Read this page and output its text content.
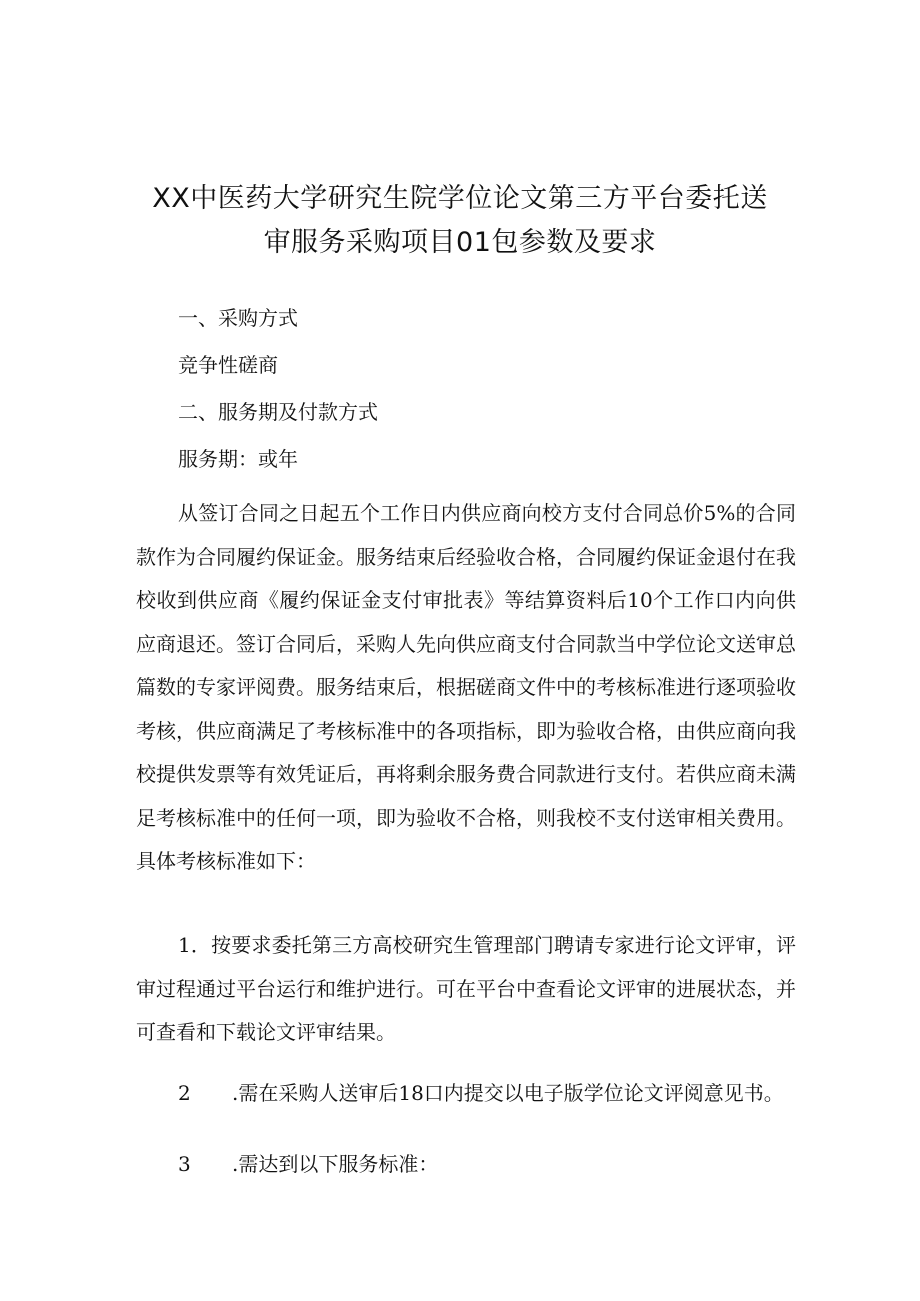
XX中医药大学研究生院学位论文第三方平台委托送
审服务采购项目01包参数及要求
一、采购方式
竞争性磋商
二、服务期及付款方式
服务期：或年

从签订合同之日起五个工作日内供应商向校方支付合同总价5%的合同款作为合同履约保证金。服务结束后经验收合格，合同履约保证金退付在我校收到供应商《履约保证金支付审批表》等结算资料后10个工作口内向供应商退还。签订合同后，采购人先向供应商支付合同款当中学位论文送审总篇数的专家评阅费。服务结束后，根据磋商文件中的考核标准进行逐项验收考核，供应商满足了考核标准中的各项指标，即为验收合格，由供应商向我校提供发票等有效凭证后，再将剩余服务费合同款进行支付。若供应商未满足考核标准中的任何一项，即为验收不合格，则我校不支付送审相关费用。具体考核标准如下：

1．按要求委托第三方高校研究生管理部门聘请专家进行论文评审，评审过程通过平台运行和维护进行。可在平台中查看论文评审的进展状态，并可查看和下载论文评审结果。

2 .需在采购人送审后18口内提交以电子版学位论文评阅意见书。
3 .需达到以下服务标准：
